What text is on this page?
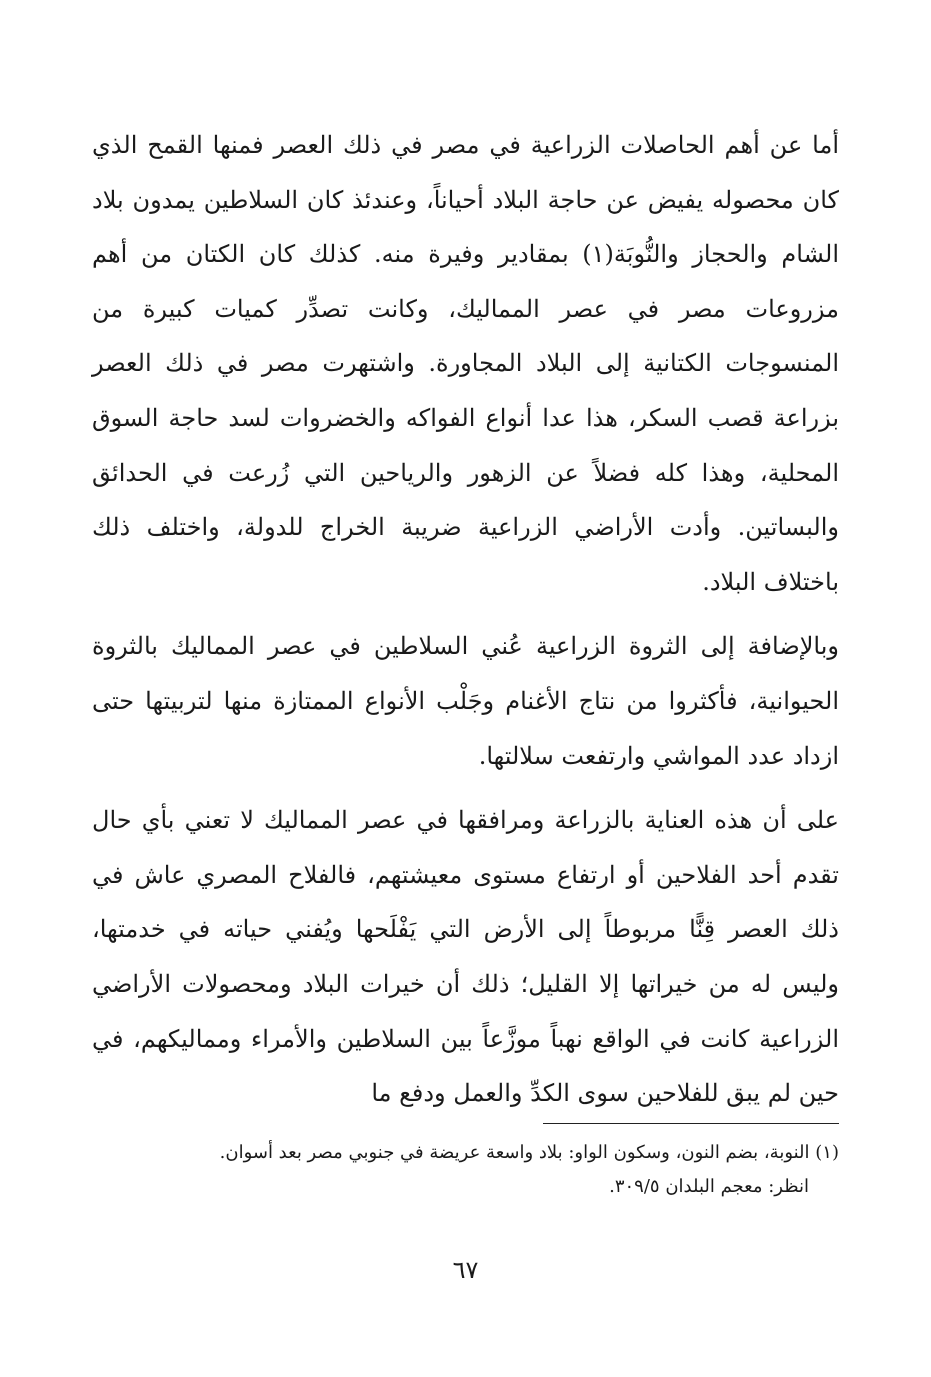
أما عن أهم الحاصلات الزراعية في مصر في ذلك العصر فمنها القمح الذي كان محصوله يفيض عن حاجة البلاد أحياناً، وعندئذ كان السلاطين يمدون بلاد الشام والحجاز والنُّوبَة(١) بمقادير وفيرة منه. كذلك كان الكتان من أهم مزروعات مصر في عصر المماليك، وكانت تصدِّر كميات كبيرة من المنسوجات الكتانية إلى البلاد المجاورة. واشتهرت مصر في ذلك العصر بزراعة قصب السكر، هذا عدا أنواع الفواكه والخضروات لسد حاجة السوق المحلية، وهذا كله فضلاً عن الزهور والرياحين التي زُرعت في الحدائق والبساتين. وأدت الأراضي الزراعية ضريبة الخراج للدولة، واختلف ذلك باختلاف البلاد.

وبالإضافة إلى الثروة الزراعية عُني السلاطين في عصر المماليك بالثروة الحيوانية، فأكثروا من نتاج الأغنام وجَلْب الأنواع الممتازة منها لتربيتها حتى ازداد عدد المواشي وارتفعت سلالتها.

على أن هذه العناية بالزراعة ومرافقها في عصر المماليك لا تعني بأي حال تقدم أحد الفلاحين أو ارتفاع مستوى معيشتهم، فالفلاح المصري عاش في ذلك العصر قِنًّا مربوطاً إلى الأرض التي يَفْلَحها ويُفني حياته في خدمتها، وليس له من خيراتها إلا القليل؛ ذلك أن خيرات البلاد ومحصولات الأراضي الزراعية كانت في الواقع نهباً موزَّعاً بين السلاطين والأمراء ومماليكهم، في حين لم يبق للفلاحين سوى الكدِّ والعمل ودفع ما

(١) النوبة، بضم النون، وسكون الواو: بلاد واسعة عريضة في جنوبي مصر بعد أسوان.

انظر: معجم البلدان ٣٠٩/٥.

٦٧
